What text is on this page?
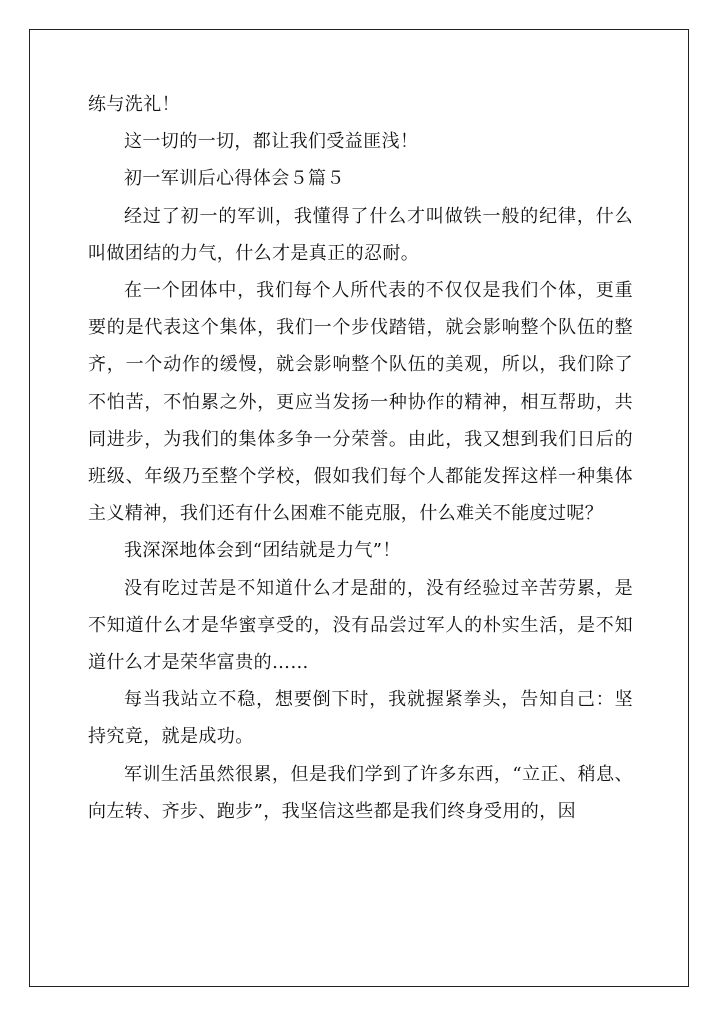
练与洗礼！

这一切的一切，都让我们受益匪浅！

初一军训后心得体会５篇５

经过了初一的军训，我懂得了什么才叫做铁一般的纪律，什么叫做团结的力气，什么才是真正的忍耐。

在一个团体中，我们每个人所代表的不仅仅是我们个体，更重要的是代表这个集体，我们一个步伐踏错，就会影响整个队伍的整齐，一个动作的缓慢，就会影响整个队伍的美观，所以，我们除了不怕苦，不怕累之外，更应当发扬一种协作的精神，相互帮助，共同进步，为我们的集体多争一分荣誉。由此，我又想到我们日后的班级、年级乃至整个学校，假如我们每个人都能发挥这样一种集体主义精神，我们还有什么困难不能克服，什么难关不能度过呢？

我深深地体会到“团结就是力气”！

没有吃过苦是不知道什么才是甜的，没有经验过辛苦劳累，是不知道什么才是华蜜享受的，没有品尝过军人的朴实生活，是不知道什么才是荣华富贵的……

每当我站立不稳，想要倒下时，我就握紧拳头，告知自己：坚持究竟，就是成功。

军训生活虽然很累，但是我们学到了许多东西，“立正、稍息、向左转、齐步、跑步”，我坚信这些都是我们终身受用的，因
